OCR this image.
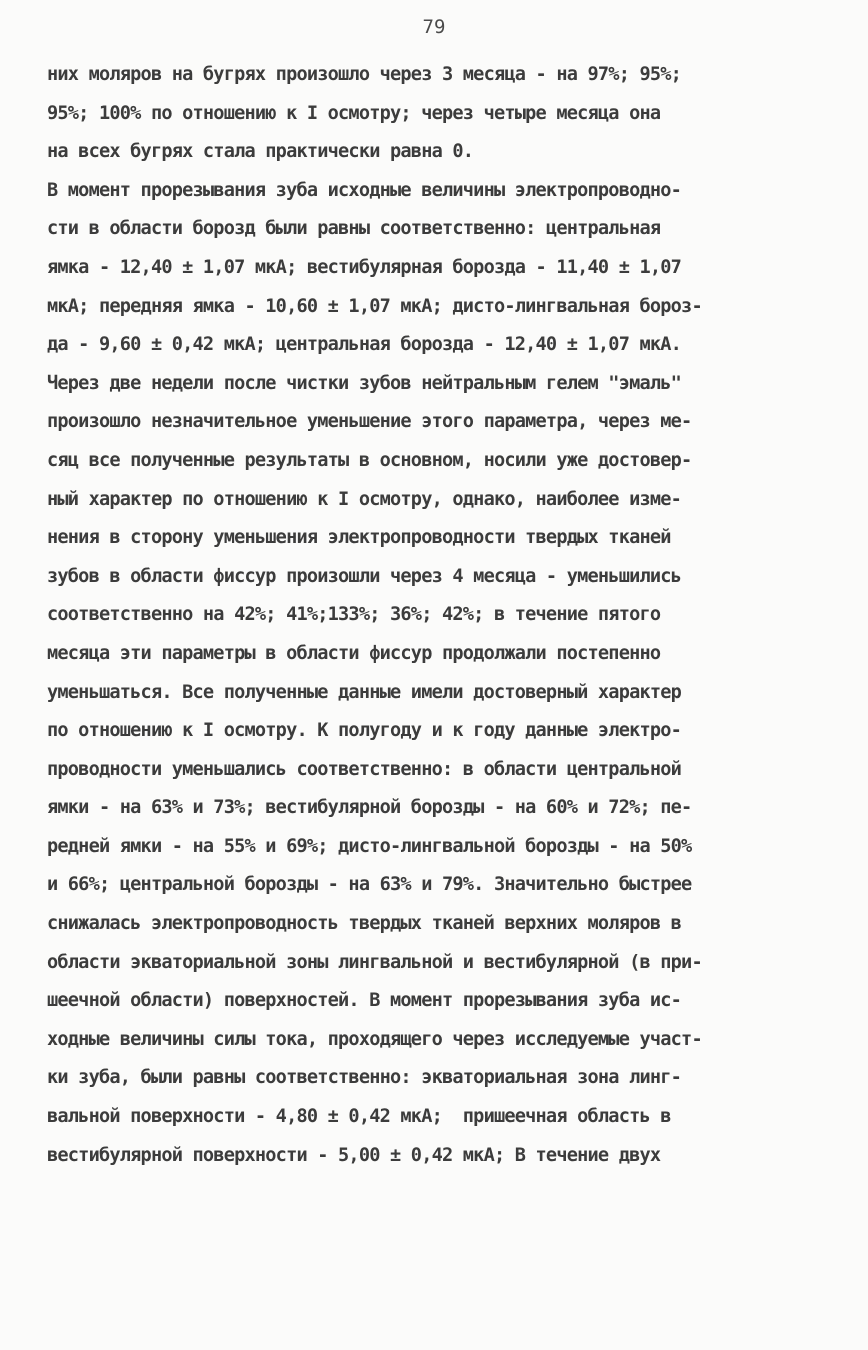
79
них моляров на бугрях произошло через 3 месяца - на 97%; 95%;
95%; 100% по отношению к I осмотру; через четыре месяца она
на всех бугрях стала практически равна 0.
В момент прорезывания зуба исходные величины электропроводно-
сти в области борозд были равны соответственно: центральная
ямка - 12,40 ± 1,07 мкА; вестибулярная борозда - 11,40 ± 1,07
мкА; передняя ямка - 10,60 ± 1,07 мкА; дисто-лингвальная бороз-
да - 9,60 ± 0,42 мкА; центральная борозда - 12,40 ± 1,07 мкА.
Через две недели после чистки зубов нейтральным гелем "эмаль"
произошло незначительное уменьшение этого параметра, через ме-
сяц все полученные результаты в основном, носили уже достовер-
ный характер по отношению к I осмотру, однако, наиболее изме-
нения в сторону уменьшения электропроводности твердых тканей
зубов в области фиссур произошли через 4 месяца - уменьшились
соответственно на 42%; 41%;133%; 36%; 42%; в течение пятого
месяца эти параметры в области фиссур продолжали постепенно
уменьшаться. Все полученные данные имели достоверный характер
по отношению к I осмотру. К полугоду и к году данные электро-
проводности уменьшались соответственно: в области центральной
ямки - на 63% и 73%; вестибулярной борозды - на 60% и 72%; пе-
редней ямки - на 55% и 69%; дисто-лингвальной борозды - на 50%
и 66%; центральной борозды - на 63% и 79%. Значительно быстрее
снижалась электропроводность твердых тканей верхних моляров в
области экваториальной зоны лингвальной и вестибулярной (в при-
шеечной области) поверхностей. В момент прорезывания зуба ис-
ходные величины силы тока, проходящего через исследуемые участ-
ки зуба, были равны соответственно: экваториальная зона линг-
вальной поверхности - 4,80 ± 0,42 мкА;  пришеечная область в
вестибулярной поверхности - 5,00 ± 0,42 мкА; В течение двух
